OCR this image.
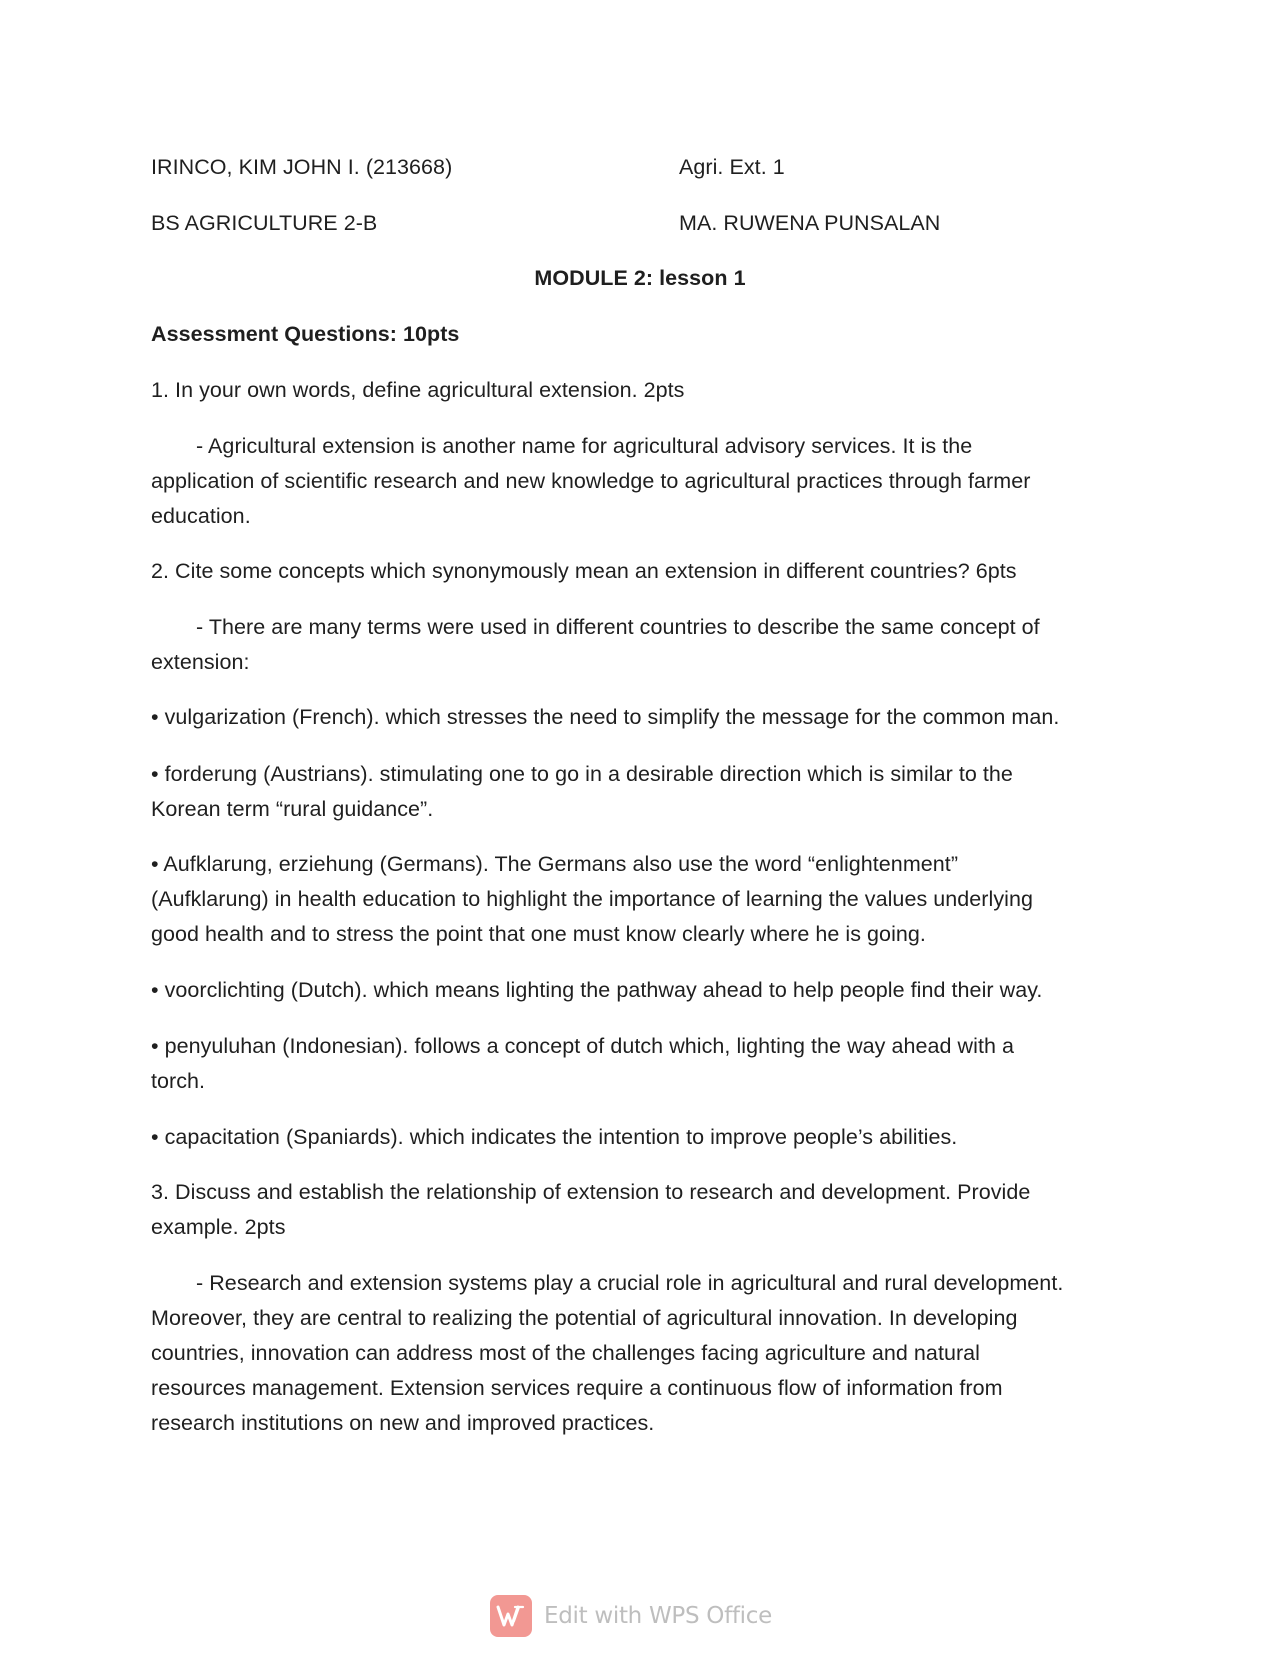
IRINCO, KIM JOHN I. (213668)	Agri. Ext. 1
BS AGRICULTURE 2-B	MA. RUWENA PUNSALAN
MODULE 2: lesson 1
Assessment Questions: 10pts
1. In your own words, define agricultural extension. 2pts
- Agricultural extension is another name for agricultural advisory services. It is the
application of scientific research and new knowledge to agricultural practices through farmer
education.
2. Cite some concepts which synonymously mean an extension in different countries? 6pts
- There are many terms were used in different countries to describe the same concept of
extension:
• vulgarization (French). which stresses the need to simplify the message for the common man.
• forderung (Austrians). stimulating one to go in a desirable direction which is similar to the
Korean term “rural guidance”.
• Aufklarung, erziehung (Germans). The Germans also use the word “enlightenment”
(Aufklarung) in health education to highlight the importance of learning the values underlying
good health and to stress the point that one must know clearly where he is going.
• voorclichting (Dutch). which means lighting the pathway ahead to help people find their way.
• penyuluhan (Indonesian). follows a concept of dutch which, lighting the way ahead with a
torch.
• capacitation (Spaniards). which indicates the intention to improve people’s abilities.
3. Discuss and establish the relationship of extension to research and development. Provide
example. 2pts
- Research and extension systems play a crucial role in agricultural and rural development.
Moreover, they are central to realizing the potential of agricultural innovation. In developing
countries, innovation can address most of the challenges facing agriculture and natural
resources management. Extension services require a continuous flow of information from
research institutions on new and improved practices.
Edit with WPS Office
